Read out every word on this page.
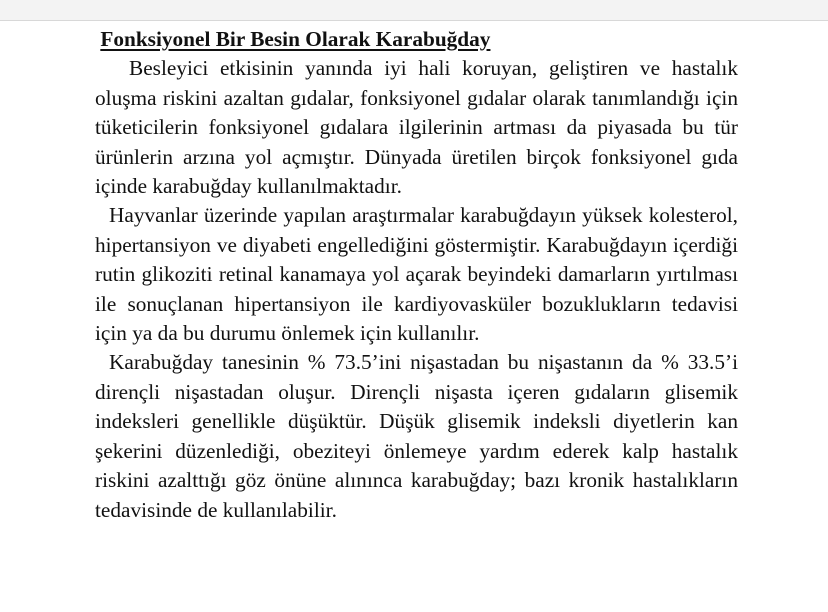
Fonksiyonel Bir Besin Olarak Karabuğday

Besleyici etkisinin yanında iyi hali koruyan, geliştiren ve hastalık oluşma riskini azaltan gıdalar, fonksiyonel gıdalar olarak tanımlandığı için tüketicilerin fonksiyonel gıdalara ilgilerinin artması da piyasada bu tür ürünlerin arzına yol açmıştır. Dünyada üretilen birçok fonksiyonel gıda içinde karabuğday kullanılmaktadır.

Hayvanlar üzerinde yapılan araştırmalar karabuğdayın yüksek kolesterol, hipertansiyon ve diyabeti engellediğini göstermiştir. Karabuğdayın içerdiği rutin glikoziti retinal kanamaya yol açarak beyindeki damarların yırtılması ile sonuçlanan hipertansiyon ile kardiyovasküler bozuklukların tedavisi için ya da bu durumu önlemek için kullanılır.

Karabuğday tanesinin % 73.5’ini nişastadan bu nişastanın da % 33.5’i dirençli nişastadan oluşur. Dirençli nişasta içeren gıdaların glisemik indeksleri genellikle düşüktür. Düşük glisemik indeksli diyetlerin kan şekerini düzenlediği, obeziteyi önlemeye yardım ederek kalp hastalık riskini azalttığı göz önüne alınınca karabuğday; bazı kronik hastalıkların tedavisinde de kullanılabilir.
